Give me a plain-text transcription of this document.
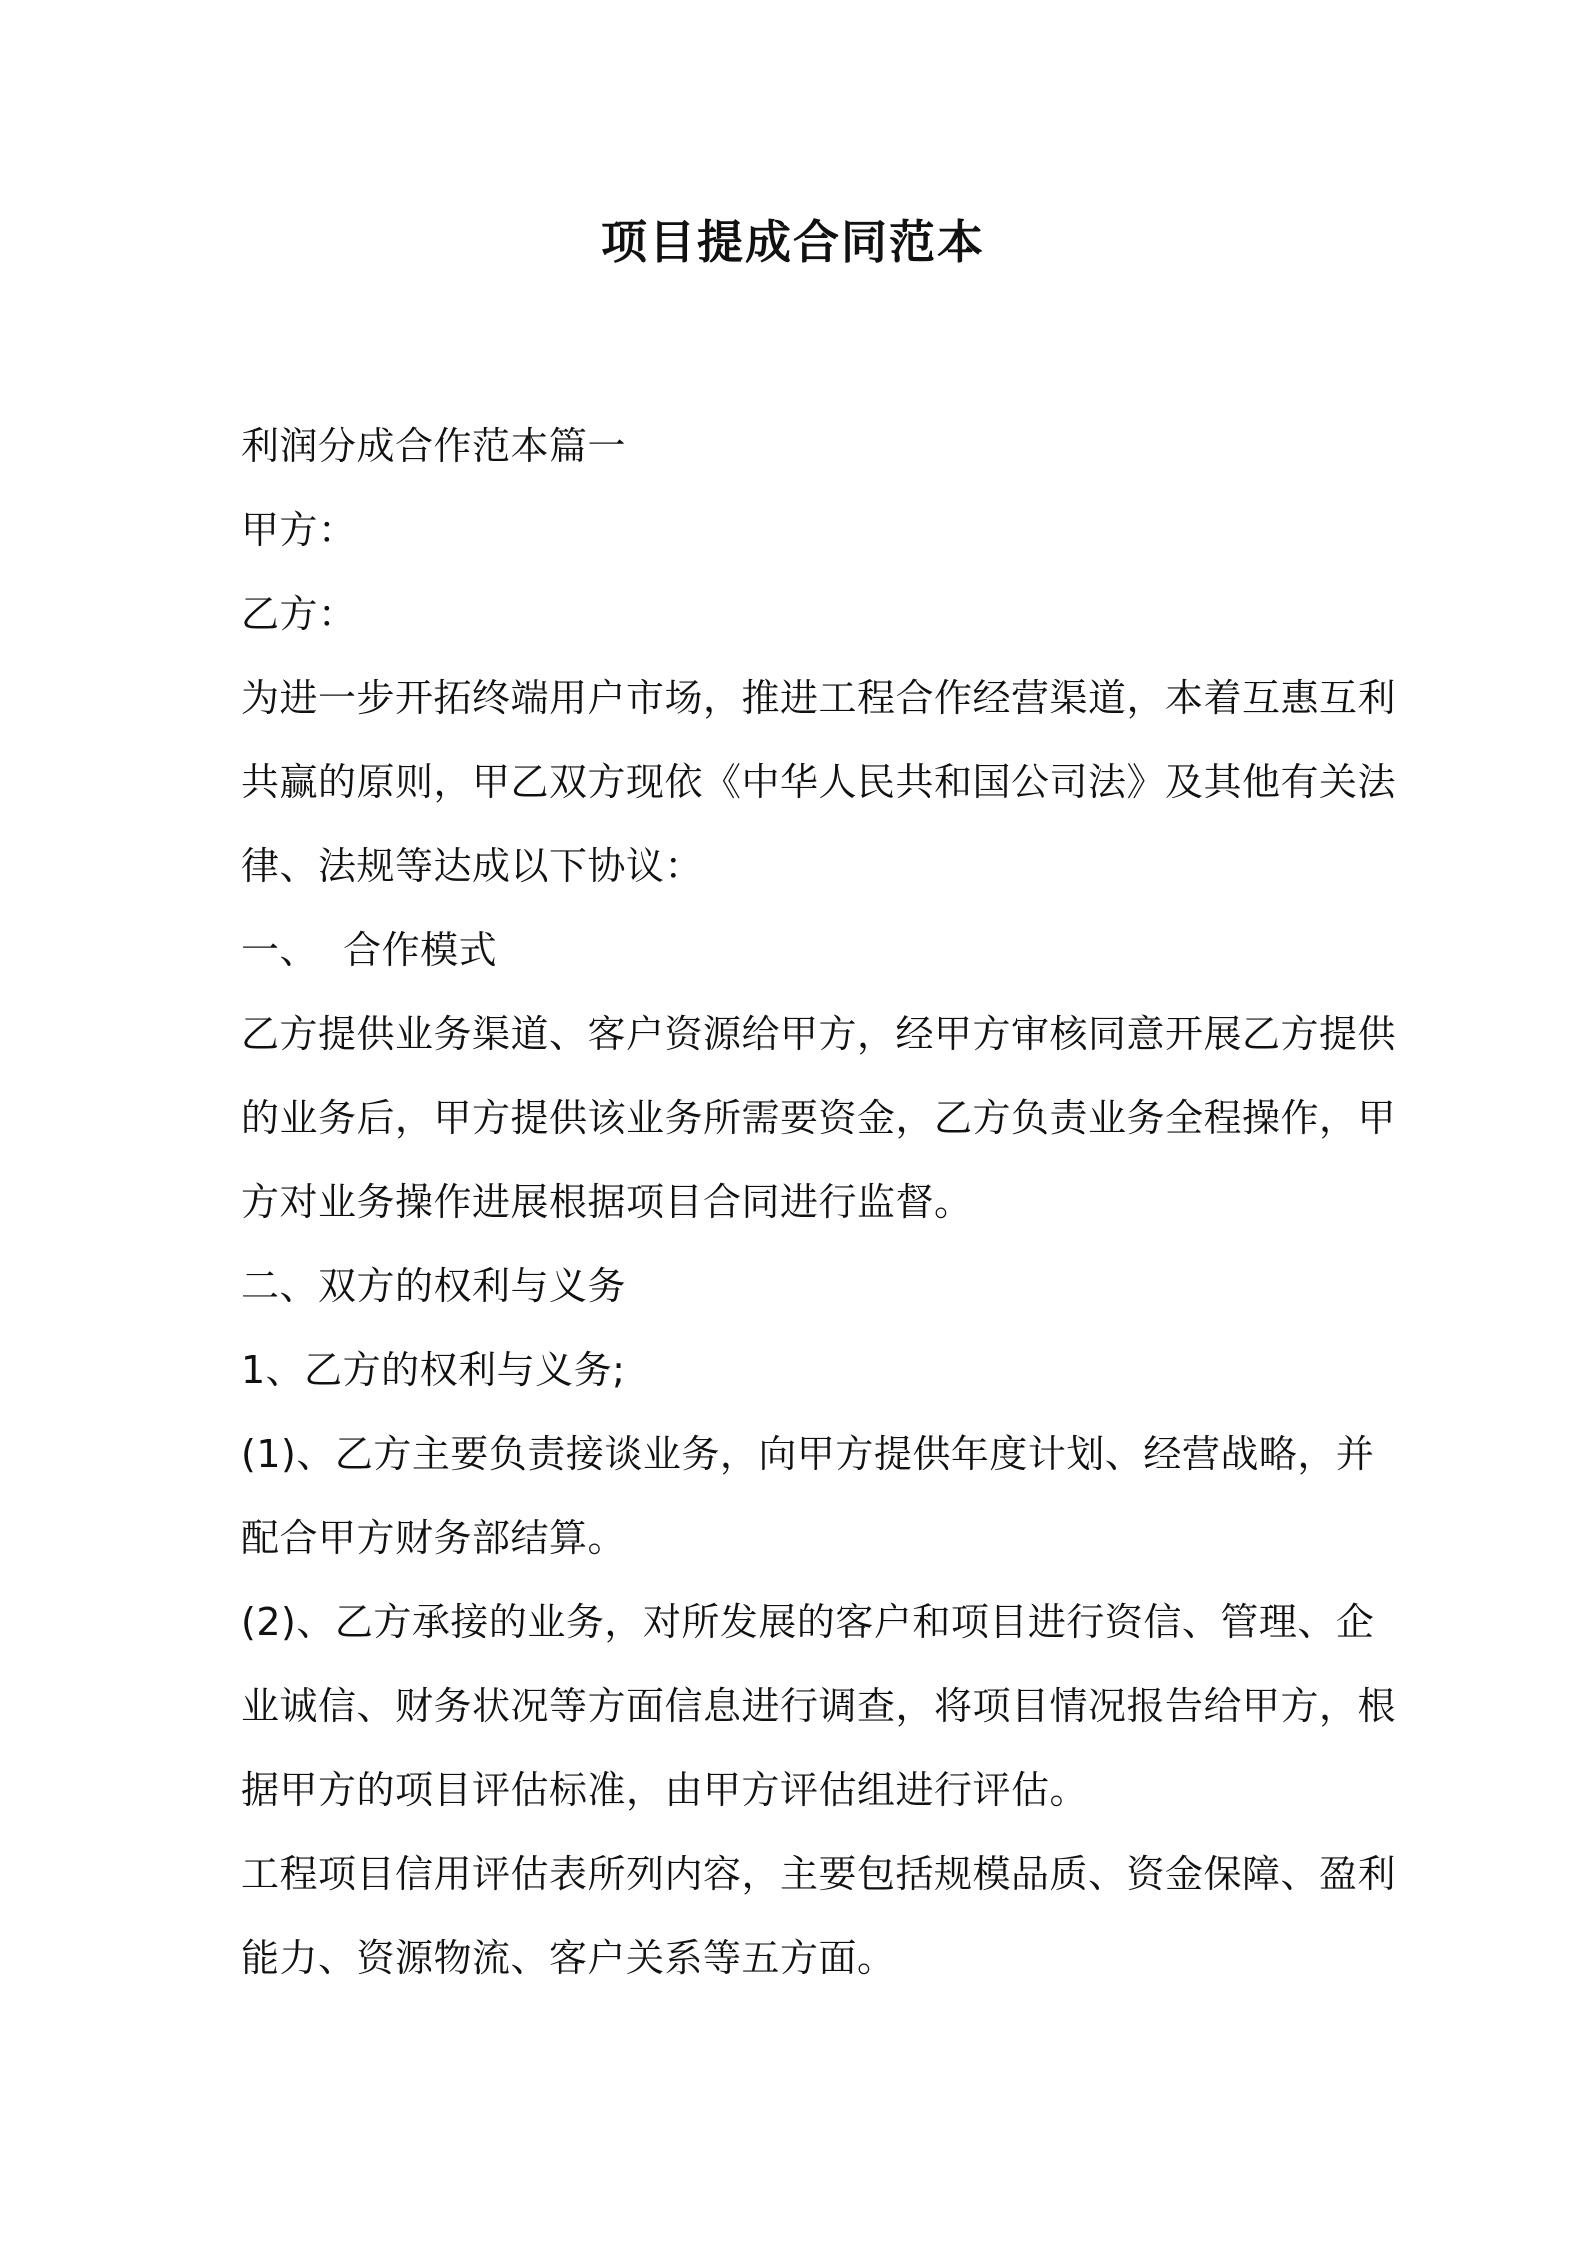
项目提成合同范本
利润分成合作范本篇一
甲方：
乙方：
为进一步开拓终端用户市场，推进工程合作经营渠道，本着互惠互利
共赢的原则，甲乙双方现依《中华人民共和国公司法》及其他有关法
律、法规等达成以下协议：
一、  合作模式
乙方提供业务渠道、客户资源给甲方，经甲方审核同意开展乙方提供
的业务后，甲方提供该业务所需要资金，乙方负责业务全程操作，甲
方对业务操作进展根据项目合同进行监督。
二、双方的权利与义务
1、乙方的权利与义务;
(1)、乙方主要负责接谈业务，向甲方提供年度计划、经营战略，并
配合甲方财务部结算。
(2)、乙方承接的业务，对所发展的客户和项目进行资信、管理、企
业诚信、财务状况等方面信息进行调查，将项目情况报告给甲方，根
据甲方的项目评估标准，由甲方评估组进行评估。
工程项目信用评估表所列内容，主要包括规模品质、资金保障、盈利
能力、资源物流、客户关系等五方面。
